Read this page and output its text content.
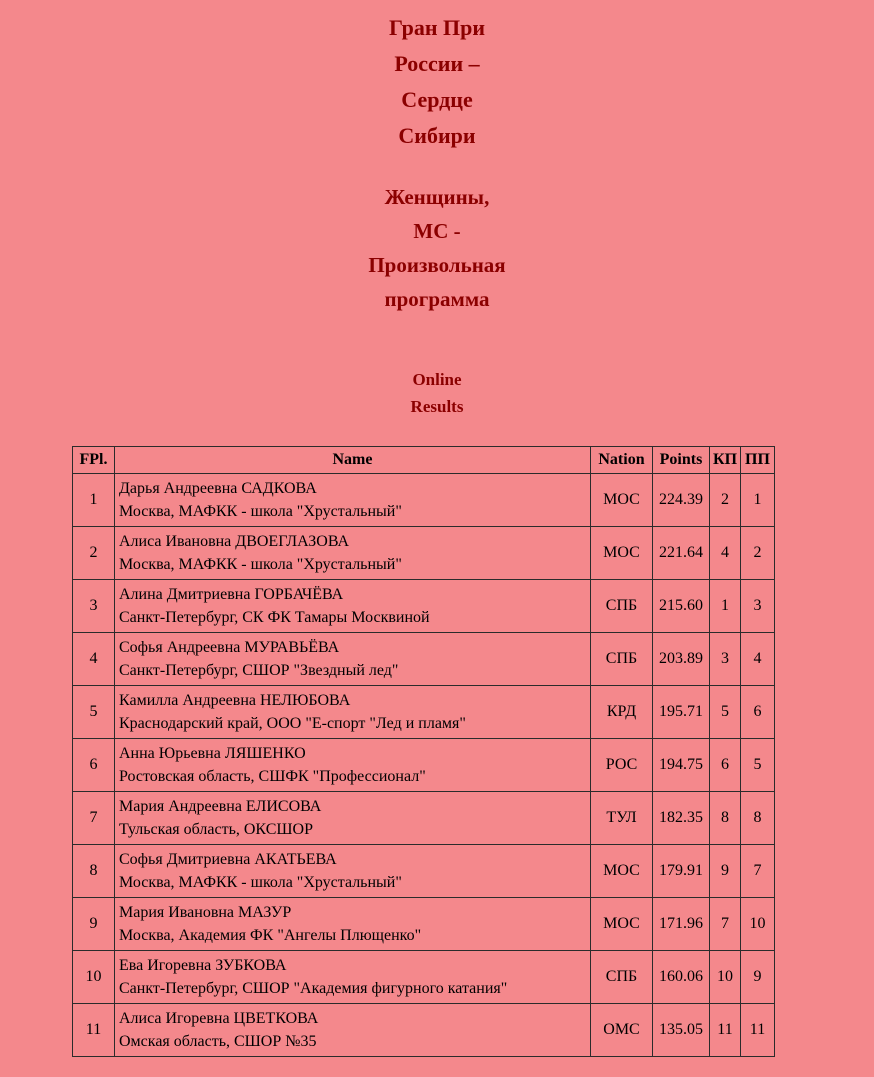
Гран При
России –
Сердце
Сибири
Женщины,
МС -
Произвольная
программа
Online
Results
FPl.	Name	Nation	Points	КП	ПП
1	Дарья Андреевна САДКОВА
Москва, МАФКК - школа "Хрустальный"	МОС	224.39	2	1
2	Алиса Ивановна ДВОЕГЛАЗОВА
Москва, МАФКК - школа "Хрустальный"	МОС	221.64	4	2
3	Алина Дмитриевна ГОРБАЧЁВА
Санкт-Петербург, СК ФК Тамары Москвиной	СПБ	215.60	1	3
4	Софья Андреевна МУРАВЬЁВА
Санкт-Петербург, СШОР "Звездный лед"	СПБ	203.89	3	4
5	Камилла Андреевна НЕЛЮБОВА
Краснодарский край, ООО "Е-спорт "Лед и пламя"	КРД	195.71	5	6
6	Анна Юрьевна ЛЯШЕНКО
Ростовская область, СШФК "Профессионал"	РОС	194.75	6	5
7	Мария Андреевна ЕЛИСОВА
Тульская область, ОКСШОР	ТУЛ	182.35	8	8
8	Софья Дмитриевна АКАТЬЕВА
Москва, МАФКК - школа "Хрустальный"	МОС	179.91	9	7
9	Мария Ивановна МАЗУР
Москва, Академия ФК "Ангелы Плющенко"	МОС	171.96	7	10
10	Ева Игоревна ЗУБКОВА
Санкт-Петербург, СШОР "Академия фигурного катания"	СПБ	160.06	10	9
11	Алиса Игоревна ЦВЕТКОВА
Омская область, СШОР №35	ОМС	135.05	11	11
